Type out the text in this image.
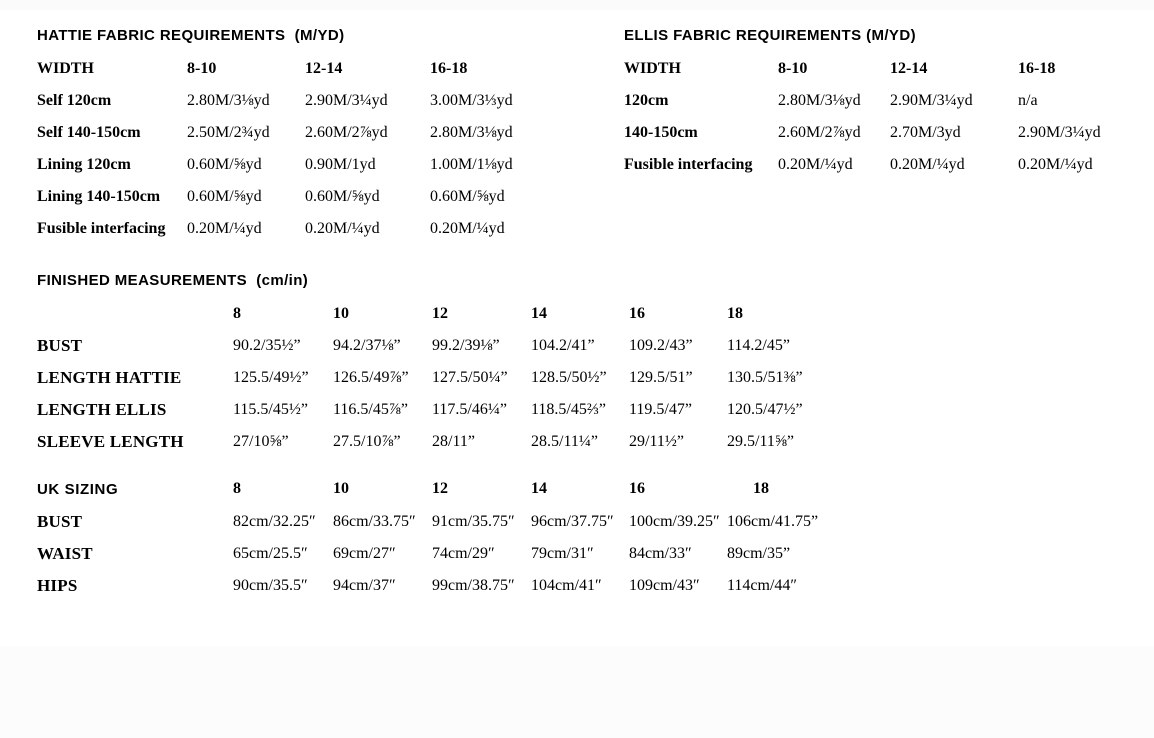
HATTIE FABRIC REQUIREMENTS  (M/YD)
WIDTH	8-10	12-14	16-18
Self 120cm	2.80M/3⅛yd	2.90M/3¼yd	3.00M/3⅓yd
Self 140-150cm	2.50M/2¾yd	2.60M/2⅞yd	2.80M/3⅛yd
Lining 120cm	0.60M/⅝yd	0.90M/1yd	1.00M/1⅛yd
Lining 140-150cm	0.60M/⅝yd	0.60M/⅝yd	0.60M/⅝yd
Fusible interfacing	0.20M/¼yd	0.20M/¼yd	0.20M/¼yd
ELLIS FABRIC REQUIREMENTS (M/YD)
WIDTH	8-10	12-14	16-18
120cm	2.80M/3⅛yd	2.90M/3¼yd	n/a
140-150cm	2.60M/2⅞yd	2.70M/3yd	2.90M/3¼yd
Fusible interfacing	0.20M/¼yd	0.20M/¼yd	0.20M/¼yd
FINISHED MEASUREMENTS  (cm/in)
	8	10	12	14	16	18
BUST	90.2/35½”	94.2/37⅛”	99.2/39⅛”	104.2/41”	109.2/43”	114.2/45”
LENGTH HATTIE	125.5/49½”	126.5/49⅞”	127.5/50¼”	128.5/50½”	129.5/51”	130.5/51⅜”
LENGTH ELLIS	115.5/45½”	116.5/45⅞”	117.5/46¼”	118.5/45⅔”	119.5/47”	120.5/47½”
SLEEVE LENGTH	27/10⅝”	27.5/10⅞”	28/11”	28.5/11¼”	29/11½”	29.5/11⅝”
UK SIZING	8	10	12	14	16	18
BUST	82cm/32.25″	86cm/33.75″	91cm/35.75″	96cm/37.75″	100cm/39.25″	106cm/41.75”
WAIST	65cm/25.5″	69cm/27″	74cm/29″	79cm/31″	84cm/33″	89cm/35”
HIPS	90cm/35.5″	94cm/37″	99cm/38.75″	104cm/41″	109cm/43″	114cm/44″
